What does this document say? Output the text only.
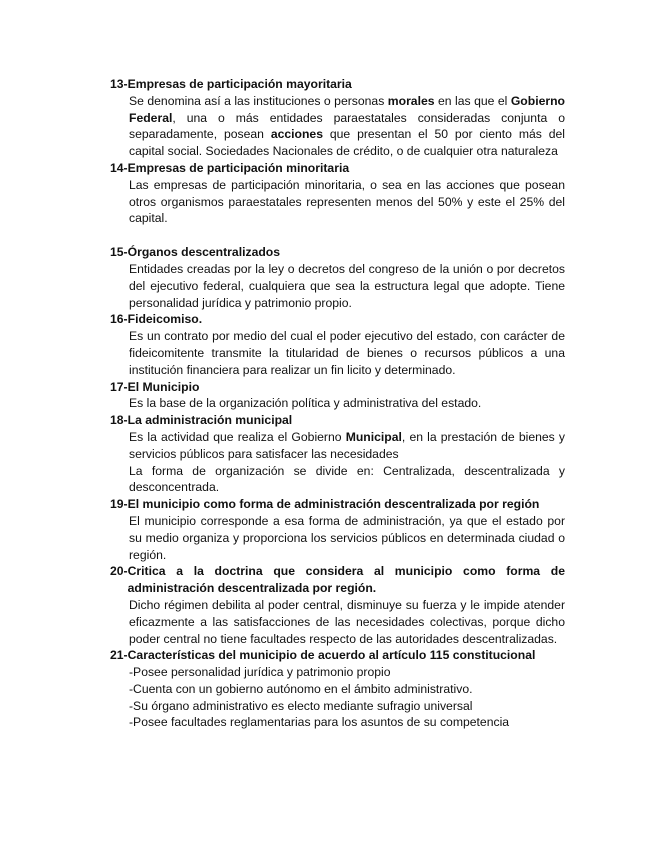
13- Empresas de participación mayoritaria

Se denomina así a las instituciones o personas morales en las que el Gobierno Federal, una o más entidades paraestatales consideradas conjunta o separadamente, posean acciones que presentan el 50 por ciento más del capital social. Sociedades Nacionales de crédito, o de cualquier otra naturaleza

14- Empresas de participación minoritaria

Las empresas de participación minoritaria, o sea en las acciones que posean otros organismos paraestatales representen menos del 50% y este el 25% del capital.

15- Órganos descentralizados

Entidades creadas por la ley o decretos del congreso de la unión o por decretos del ejecutivo federal, cualquiera que sea la estructura legal que adopte. Tiene personalidad jurídica y patrimonio propio.

16- Fideicomiso.

Es un contrato por medio del cual el poder ejecutivo del estado, con carácter de fideicomitente transmite la titularidad de bienes o recursos públicos a una institución financiera para realizar un fin licito y determinado.

17- El Municipio

Es la base de la organización política y administrativa del estado.

18- La administración municipal

Es la actividad que realiza el Gobierno Municipal, en la prestación de bienes y servicios públicos para satisfacer las necesidades

La forma de organización se divide en: Centralizada, descentralizada y desconcentrada.

19- El municipio como forma de administración descentralizada por región

El municipio corresponde a esa forma de administración, ya que el estado por su medio organiza y proporciona los servicios públicos en determinada ciudad o región.

20- Critica a la doctrina que considera al municipio como forma de administración descentralizada por región.

Dicho régimen debilita al poder central, disminuye su fuerza y le impide atender eficazmente a las satisfacciones de las necesidades colectivas, porque dicho poder central no tiene facultades respecto de las autoridades descentralizadas.

21- Características del municipio de acuerdo al artículo 115 constitucional
-Posee personalidad jurídica y patrimonio propio
-Cuenta con un gobierno autónomo en el ámbito administrativo.
-Su órgano administrativo es electo mediante sufragio universal
-Posee facultades reglamentarias para los asuntos de su competencia
